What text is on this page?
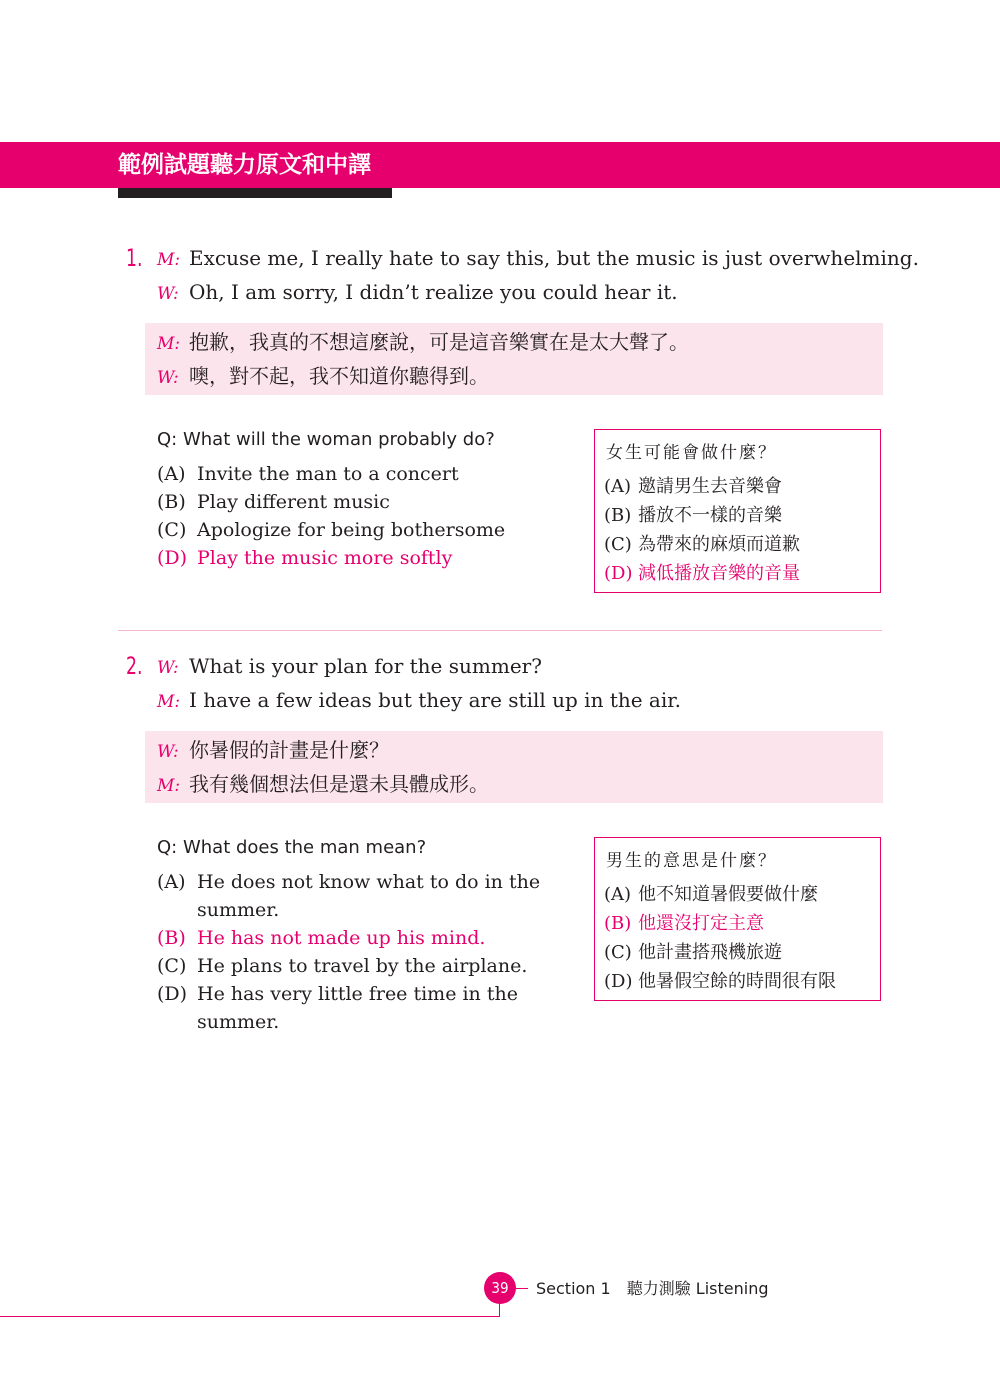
範例試題聽力原文和中譯
1. M: Excuse me, I really hate to say this, but the music is just overwhelming.
W: Oh, I am sorry, I didn’t realize you could hear it.
M: 抱歉，我真的不想這麼說，可是這音樂實在是太大聲了。
W: 噢，對不起，我不知道你聽得到。

Q: What will the woman probably do?

(A) Invite the man to a concert
(B) Play different music
(C) Apologize for being bothersome
(D) Play the music more softly
女生可能會做什麼？
(A) 邀請男生去音樂會
(B) 播放不一樣的音樂
(C) 為帶來的麻煩而道歉
(D) 減低播放音樂的音量
2. W: What is your plan for the summer?
M: I have a few ideas but they are still up in the air.
W: 你暑假的計畫是什麼？
M: 我有幾個想法但是還未具體成形。

Q: What does the man mean?

(A) He does not know what to do in the
summer.
(B) He has not made up his mind.
(C) He plans to travel by the airplane.
(D) He has very little free time in the
summer.
男生的意思是什麼？
(A) 他不知道暑假要做什麼
(B) 他還沒打定主意
(C) 他計畫搭飛機旅遊
(D) 他暑假空餘的時間很有限
39	Section 1　聽力測驗 Listening
